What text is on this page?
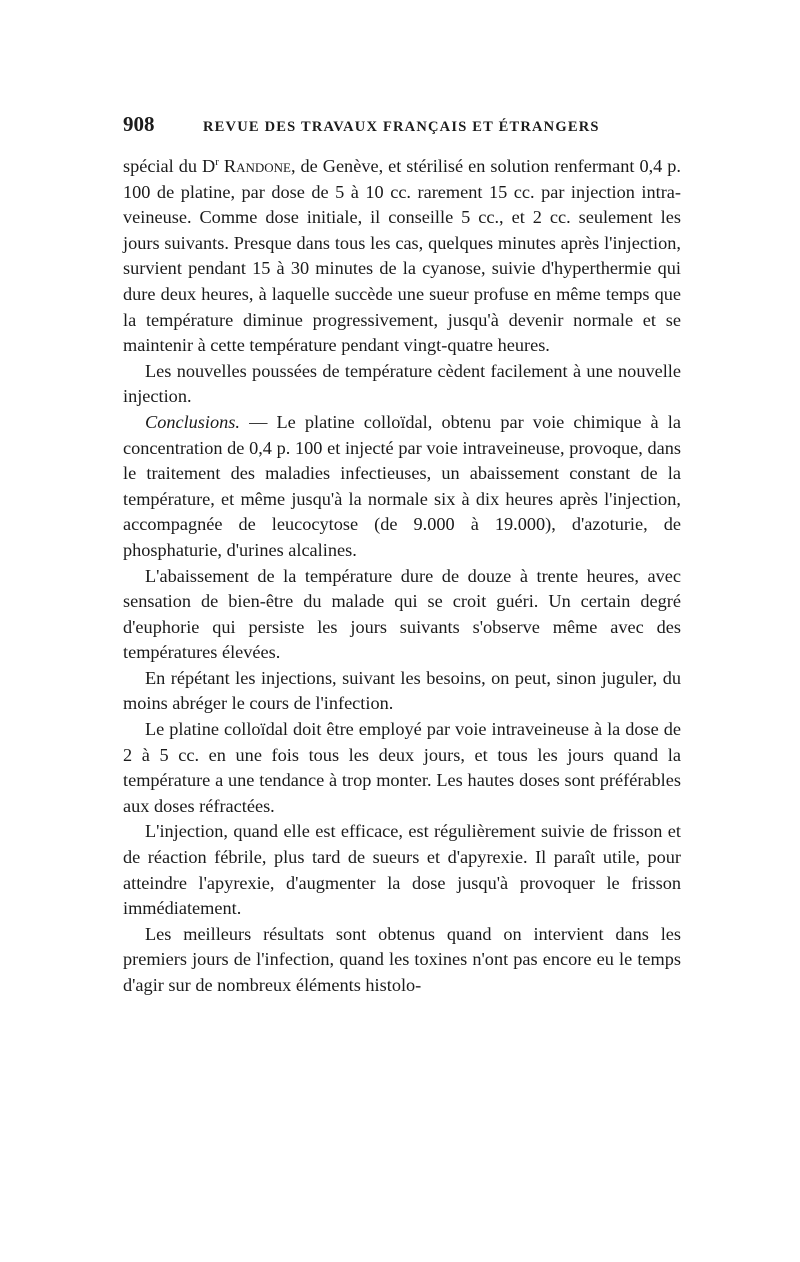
908	REVUE DES TRAVAUX FRANÇAIS ET ÉTRANGERS

spécial du $D^r$ Randone, de Genève, et stérilisé en solution renfermant 0,4 p. 100 de platine, par dose de 5 à 10 cc. rarement 15 cc. par injection intra-veineuse. Comme dose initiale, il conseille 5 cc., et 2 cc. seulement les jours suivants. Presque dans tous les cas, quelques minutes après l'injection, survient pendant 15 à 30 minutes de la cyanose, suivie d'hyperthermie qui dure deux heures, à laquelle succède une sueur profuse en même temps que la température diminue progressivement, jusqu'à devenir normale et se maintenir à cette température pendant vingt-quatre heures.

Les nouvelles poussées de température cèdent facilement à une nouvelle injection.

Conclusions. — Le platine colloïdal, obtenu par voie chimique à la concentration de 0,4 p. 100 et injecté par voie intraveineuse, provoque, dans le traitement des maladies infectieuses, un abaissement constant de la température, et même jusqu'à la normale six à dix heures après l'injection, accompagnée de leucocytose (de 9.000 à 19.000), d'azoturie, de phosphaturie, d'urines alcalines.

L'abaissement de la température dure de douze à trente heures, avec sensation de bien-être du malade qui se croit guéri. Un certain degré d'euphorie qui persiste les jours suivants s'observe même avec des températures élevées.

En répétant les injections, suivant les besoins, on peut, sinon juguler, du moins abréger le cours de l'infection.

Le platine colloïdal doit être employé par voie intraveineuse à la dose de 2 à 5 cc. en une fois tous les deux jours, et tous les jours quand la température a une tendance à trop monter. Les hautes doses sont préférables aux doses réfractées.

L'injection, quand elle est efficace, est régulièrement suivie de frisson et de réaction fébrile, plus tard de sueurs et d'apyrexie. Il paraît utile, pour atteindre l'apyrexie, d'augmenter la dose jusqu'à provoquer le frisson immédiatement.

Les meilleurs résultats sont obtenus quand on intervient dans les premiers jours de l'infection, quand les toxines n'ont pas encore eu le temps d'agir sur de nombreux éléments histolo-
